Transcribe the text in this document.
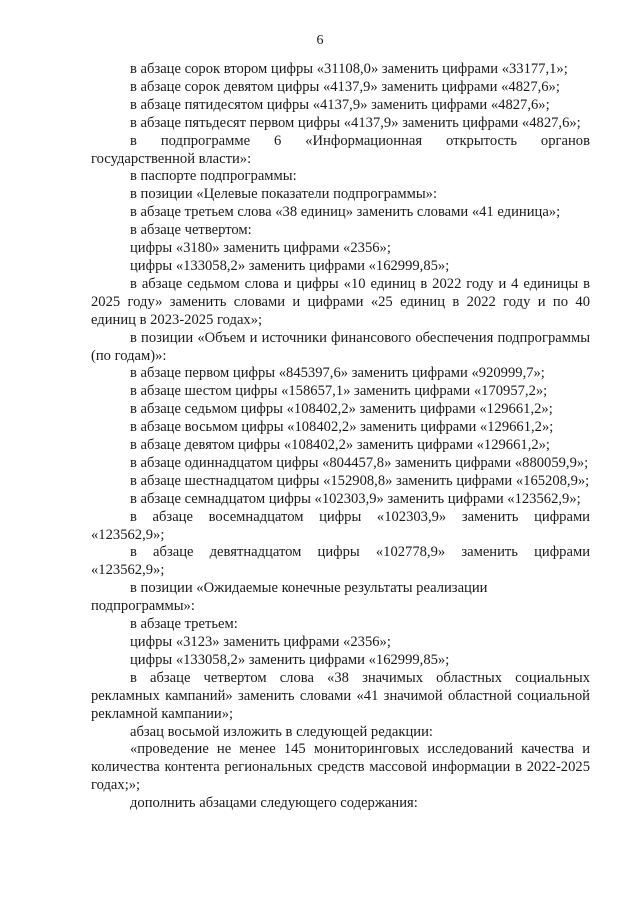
6

в абзаце сорок втором цифры «31108,0» заменить цифрами «33177,1»;

в абзаце сорок девятом цифры «4137,9» заменить цифрами «4827,6»;

в абзаце пятидесятом цифры «4137,9» заменить цифрами «4827,6»;

в абзаце пятьдесят первом цифры «4137,9» заменить цифрами «4827,6»;

в подпрограмме 6 «Информационная открытость органов государственной власти»:

в паспорте подпрограммы:

в позиции «Целевые показатели подпрограммы»:

в абзаце третьем слова «38 единиц» заменить словами «41 единица»;

в абзаце четвертом:

цифры «3180» заменить цифрами «2356»;

цифры «133058,2» заменить цифрами «162999,85»;

в абзаце седьмом слова и цифры «10 единиц в 2022 году и 4 единицы в 2025 году» заменить словами и цифрами «25 единиц в 2022 году и по 40 единиц в 2023-2025 годах»;

в позиции «Объем и источники финансового обеспечения подпрограммы (по годам)»:

в абзаце первом цифры «845397,6» заменить цифрами «920999,7»;

в абзаце шестом цифры «158657,1» заменить цифрами «170957,2»;

в абзаце седьмом цифры «108402,2» заменить цифрами «129661,2»;

в абзаце восьмом цифры «108402,2» заменить цифрами «129661,2»;

в абзаце девятом цифры «108402,2» заменить цифрами «129661,2»;

в абзаце одиннадцатом цифры «804457,8» заменить цифрами «880059,9»;

в абзаце шестнадцатом цифры «152908,8» заменить цифрами «165208,9»;

в абзаце семнадцатом цифры «102303,9» заменить цифрами «123562,9»;

в абзаце восемнадцатом цифры «102303,9» заменить цифрами «123562,9»;

в абзаце девятнадцатом цифры «102778,9» заменить цифрами «123562,9»;

в позиции «Ожидаемые конечные результаты реализации подпрограммы»:

в абзаце третьем:

цифры «3123» заменить цифрами «2356»;

цифры «133058,2» заменить цифрами «162999,85»;

в абзаце четвертом слова «38 значимых областных социальных рекламных кампаний» заменить словами «41 значимой областной социальной рекламной кампании»;

абзац восьмой изложить в следующей редакции:

«проведение не менее 145 мониторинговых исследований качества и количества контента региональных средств массовой информации в 2022-2025 годах;»;

дополнить абзацами следующего содержания:
